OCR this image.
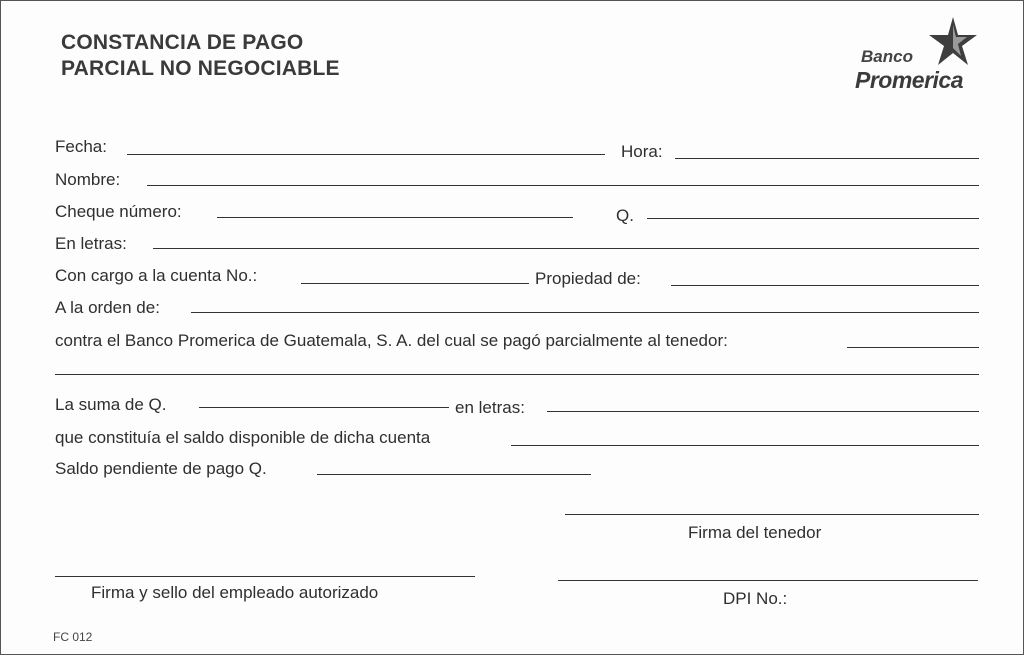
CONSTANCIA DE PAGO
PARCIAL NO NEGOCIABLE
Banco
Promerica
Fecha:	Hora:
Nombre:
Cheque número:	Q.
En letras:
Con cargo a la cuenta No.:	Propiedad de:
A la orden de:
contra el Banco Promerica de Guatemala, S. A. del cual se pagó parcialmente al tenedor:
La suma de Q.	en letras:
que constituía el saldo disponible de dicha cuenta
Saldo pendiente de pago Q.
Firma del tenedor
Firma y sello del empleado autorizado	DPI No.:
FC 012
